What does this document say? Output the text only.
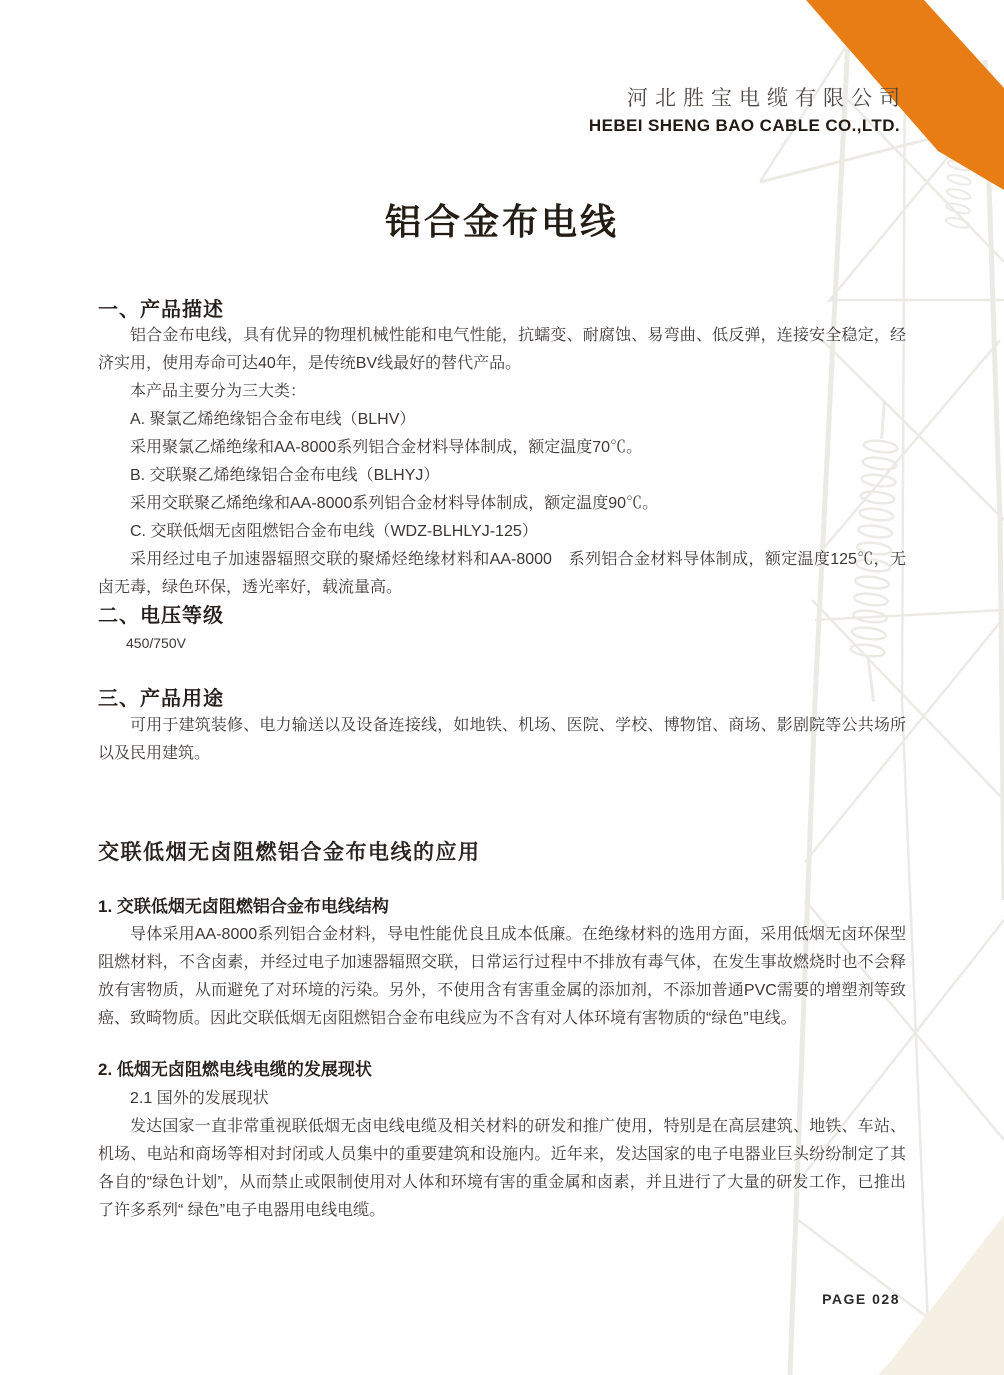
河北胜宝电缆有限公司
HEBEI SHENG BAO CABLE CO.,LTD.
铝合金布电线
一、产品描述

铝合金布电线，具有优异的物理机械性能和电气性能，抗蠕变、耐腐蚀、易弯曲、低反弹，连接安全稳定，经济实用，使用寿命可达40年，是传统BV线最好的替代产品。

本产品主要分为三大类：

A. 聚氯乙烯绝缘铝合金布电线（BLHV）

采用聚氯乙烯绝缘和AA-8000系列铝合金材料导体制成，额定温度70℃。

B. 交联聚乙烯绝缘铝合金布电线（BLHYJ）

采用交联聚乙烯绝缘和AA-8000系列铝合金材料导体制成，额定温度90℃。

C. 交联低烟无卤阻燃铝合金布电线（WDZ-BLHLYJ-125）

采用经过电子加速器辐照交联的聚烯烃绝缘材料和AA-8000　系列铝合金材料导体制成，额定温度125℃，无卤无毒，绿色环保，透光率好，载流量高。

二、电压等级

450/750V

三、产品用途

可用于建筑装修、电力输送以及设备连接线，如地铁、机场、医院、学校、博物馆、商场、影剧院等公共场所以及民用建筑。

交联低烟无卤阻燃铝合金布电线的应用
1. 交联低烟无卤阻燃铝合金布电线结构

导体采用AA-8000系列铝合金材料，导电性能优良且成本低廉。在绝缘材料的选用方面，采用低烟无卤环保型阻燃材料，不含卤素，并经过电子加速器辐照交联，日常运行过程中不排放有毒气体，在发生事故燃烧时也不会释放有害物质，从而避免了对环境的污染。另外，不使用含有害重金属的添加剂，不添加普通PVC需要的增塑剂等致癌、致畸物质。因此交联低烟无卤阻燃铝合金布电线应为不含有对人体环境有害物质的“绿色”电线。

2. 低烟无卤阻燃电线电缆的发展现状

2.1 国外的发展现状

发达国家一直非常重视联低烟无卤电线电缆及相关材料的研发和推广使用，特别是在高层建筑、地铁、车站、机场、电站和商场等相对封闭或人员集中的重要建筑和设施内。近年来，发达国家的电子电器业巨头纷纷制定了其各自的“绿色计划”，从而禁止或限制使用对人体和环境有害的重金属和卤素，并且进行了大量的研发工作，已推出了许多系列“ 绿色”电子电器用电线电缆。

PAGE 028
